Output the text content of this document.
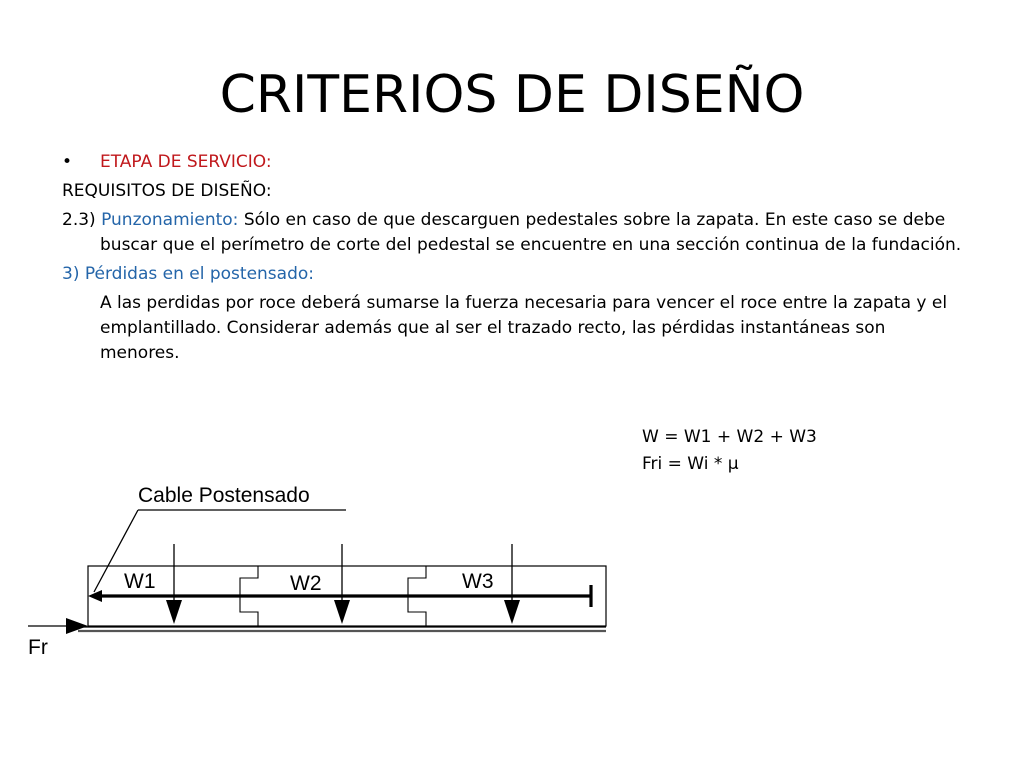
CRITERIOS DE DISEÑO
•	ETAPA DE SERVICIO:
REQUISITOS DE DISEÑO:
2.3) Punzonamiento: Sólo en caso de que descarguen pedestales sobre la zapata. En este caso se debe buscar que el perímetro de corte del pedestal se encuentre en una sección continua de la fundación.
3) Pérdidas en el postensado:
A las perdidas por roce deberá sumarse la fuerza necesaria para vencer el roce entre la zapata y el emplantillado. Considerar además que al ser el trazado recto, las pérdidas instantáneas son menores.
W = W1 + W2 + W3
Fri = Wi * µ
Cable Postensado
W1	W2	W3
Fr
